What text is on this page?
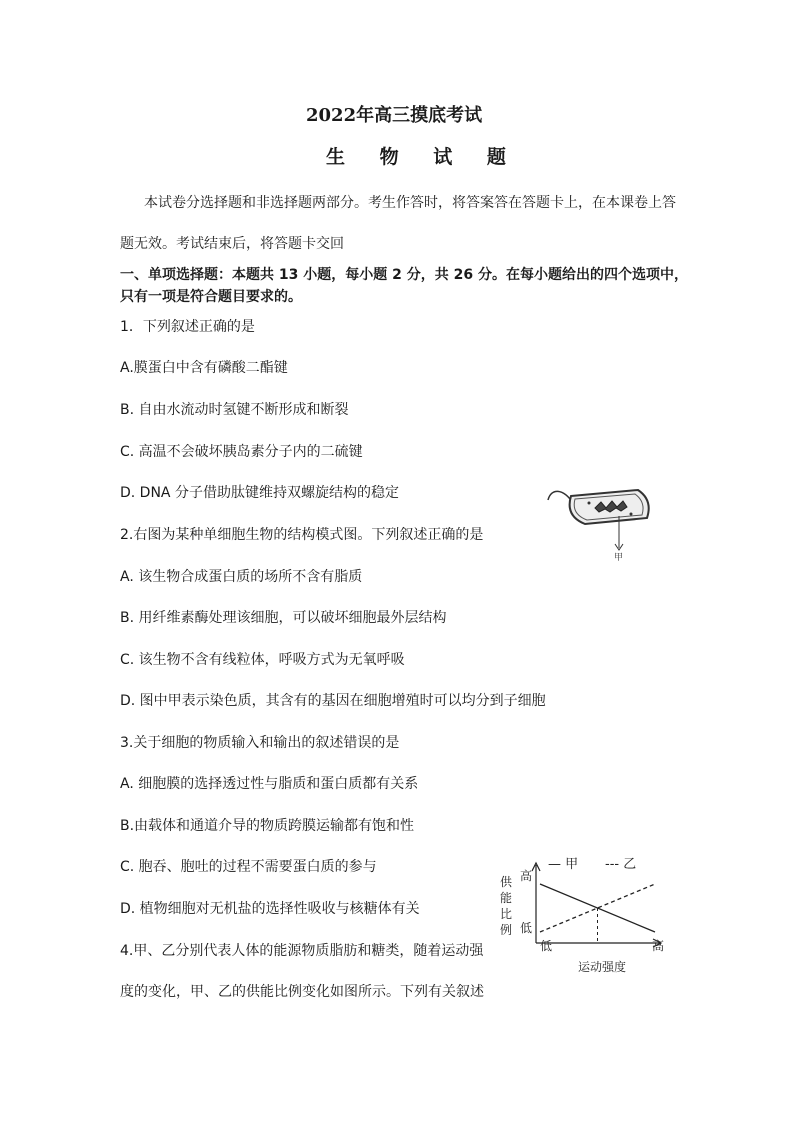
2022年高三摸底考试
生 物 试 题
本试卷分选择题和非选择题两部分。考生作答时，将答案答在答题卡上，在本课卷上答
题无效。考试结束后，将答题卡交回
一、单项选择题：本题共 13 小题，每小题 2 分，共 26 分。在每小题给出的四个选项中，
只有一项是符合题目要求的。
1．下列叙述正确的是
A.膜蛋白中含有磷酸二酯键
B. 自由水流动时氢键不断形成和断裂
C. 高温不会破坏胰岛素分子内的二硫键
D. DNA 分子借助肽键维持双螺旋结构的稳定
2.右图为某种单细胞生物的结构模式图。下列叙述正确的是
A. 该生物合成蛋白质的场所不含有脂质
B. 用纤维素酶处理该细胞，可以破坏细胞最外层结构
C. 该生物不含有线粒体，呼吸方式为无氧呼吸
D. 图中甲表示染色质，其含有的基因在细胞增殖时可以均分到子细胞
3.关于细胞的物质输入和输出的叙述错误的是
A. 细胞膜的选择透过性与脂质和蛋白质都有关系
B.由载体和通道介导的物质跨膜运输都有饱和性
C. 胞吞、胞吐的过程不需要蛋白质的参与
D. 植物细胞对无机盐的选择性吸收与核糖体有关
4.甲、乙分别代表人体的能源物质脂肪和糖类，随着运动强
度的变化，甲、乙的供能比例变化如图所示。下列有关叙述
甲
— 甲 --- 乙
供
能
比
例
高
低
低	高
运动强度
